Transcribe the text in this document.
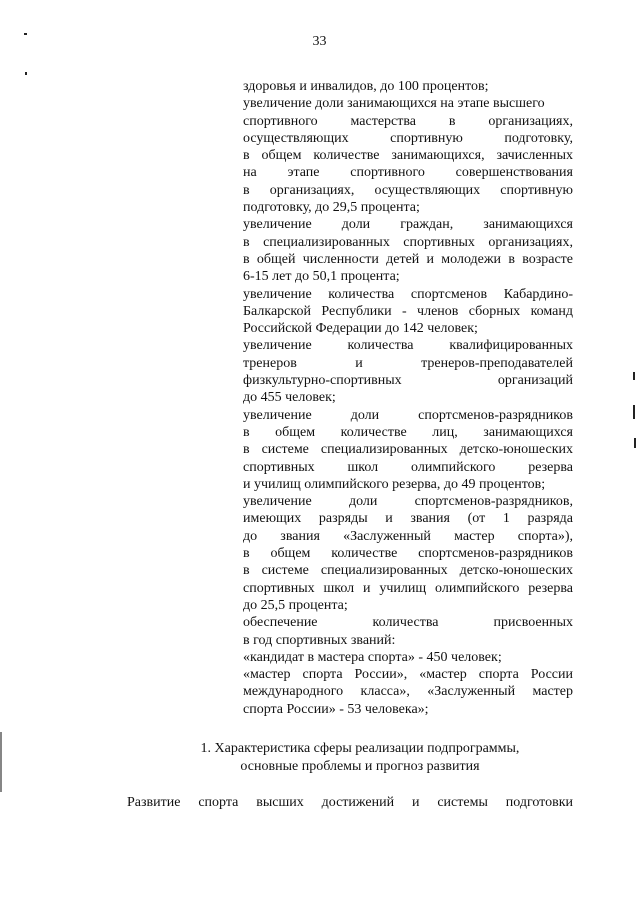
33
здоровья и инвалидов, до 100 процентов;
увеличение доли занимающихся на этапе высшего
спортивного мастерства в организациях,
осуществляющих спортивную подготовку,
в общем количестве занимающихся, зачисленных
на этапе спортивного совершенствования
в организациях, осуществляющих спортивную
подготовку, до 29,5 процента;
увеличение доли граждан, занимающихся
в специализированных спортивных организациях,
в общей численности детей и молодежи в возрасте
6-15 лет до 50,1 процента;
увеличение количества спортсменов Кабардино-
Балкарской Республики - членов сборных команд
Российской Федерации до 142 человек;
увеличение количества квалифицированных
тренеров и тренеров-преподавателей
физкультурно-спортивных организаций
до 455 человек;
увеличение доли спортсменов-разрядников
в общем количестве лиц, занимающихся
в системе специализированных детско-юношеских
спортивных школ олимпийского резерва
и училищ олимпийского резерва, до 49 процентов;
увеличение доли спортсменов-разрядников,
имеющих разряды и звания (от 1 разряда
до звания «Заслуженный мастер спорта»),
в общем количестве спортсменов-разрядников
в системе специализированных детско-юношеских
спортивных школ и училищ олимпийского резерва
до 25,5 процента;
обеспечение количества присвоенных
в год спортивных званий:
«кандидат в мастера спорта» - 450 человек;
«мастер спорта России», «мастер спорта России
международного класса», «Заслуженный мастер
спорта России» - 53 человека»;
1. Характеристика сферы реализации подпрограммы,
основные проблемы и прогноз развития
Развитие спорта высших достижений и системы подготовки
